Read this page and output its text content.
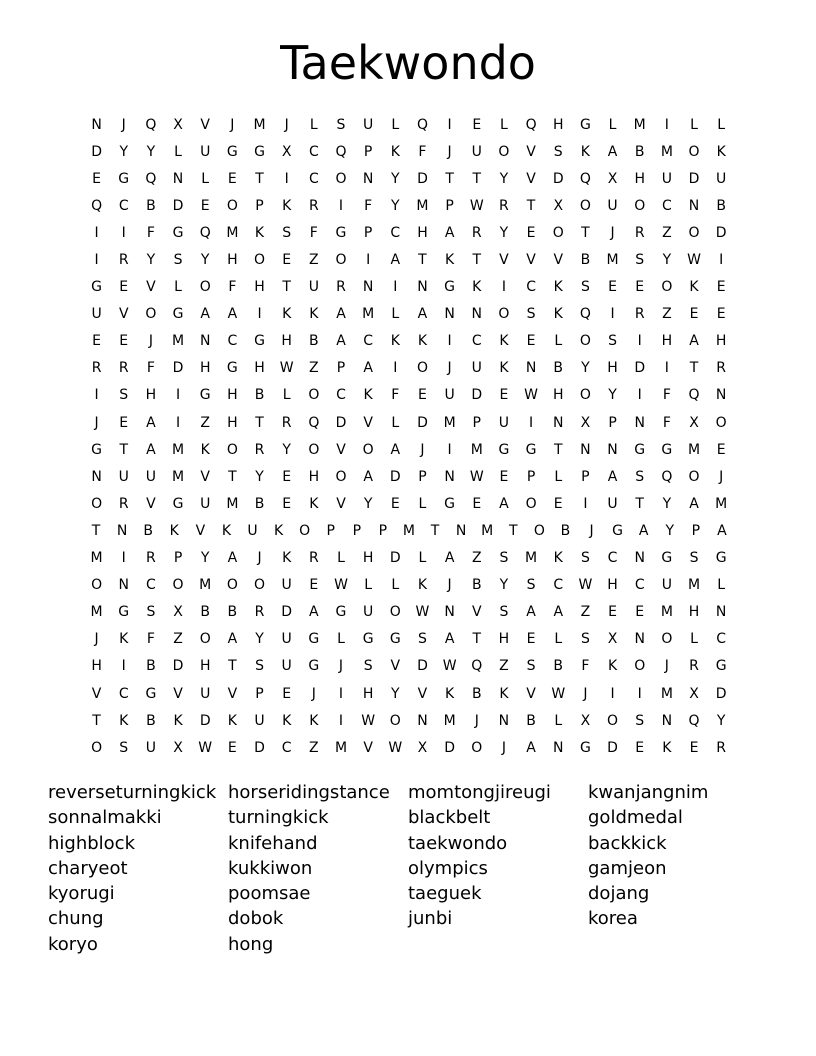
Taekwondo
N	J	Q	X	V	J	M	J	L	S	U	L	Q	I	E	L	Q	H	G	L	M	I	L	L
D	Y	Y	L	U	G	G	X	C	Q	P	K	F	J	U	O	V	S	K	A	B	M	O	K
E	G	Q	N	L	E	T	I	C	O	N	Y	D	T	T	Y	V	D	Q	X	H	U	D	U
Q	C	B	D	E	O	P	K	R	I	F	Y	M	P	W	R	T	X	O	U	O	C	N	B
I	I	F	G	Q	M	K	S	F	G	P	C	H	A	R	Y	E	O	T	J	R	Z	O	D
I	R	Y	S	Y	H	O	E	Z	O	I	A	T	K	T	V	V	V	B	M	S	Y	W	I
G	E	V	L	O	F	H	T	U	R	N	I	N	G	K	I	C	K	S	E	E	O	K	E
U	V	O	G	A	A	I	K	K	A	M	L	A	N	N	O	S	K	Q	I	R	Z	E	E
E	E	J	M	N	C	G	H	B	A	C	K	K	I	C	K	E	L	O	S	I	H	A	H
R	R	F	D	H	G	H	W	Z	P	A	I	O	J	U	K	N	B	Y	H	D	I	T	R
I	S	H	I	G	H	B	L	O	C	K	F	E	U	D	E	W	H	O	Y	I	F	Q	N
J	E	A	I	Z	H	T	R	Q	D	V	L	D	M	P	U	I	N	X	P	N	F	X	O
G	T	A	M	K	O	R	Y	O	V	O	A	J	I	M	G	G	T	N	N	G	G	M	E
N	U	U	M	V	T	Y	E	H	O	A	D	P	N	W	E	P	L	P	A	S	Q	O	J
O	R	V	G	U	M	B	E	K	V	Y	E	L	G	E	A	O	E	I	U	T	Y	A	M
T	N	B	K	V	K	U	K	O	P	P	P	M	T	N	M	T	O	B	J	G	A	Y	P	A
M	I	R	P	Y	A	J	K	R	L	H	D	L	A	Z	S	M	K	S	C	N	G	S	G
O	N	C	O	M	O	O	U	E	W	L	L	K	J	B	Y	S	C	W	H	C	U	M	L
M	G	S	X	B	B	R	D	A	G	U	O	W	N	V	S	A	A	Z	E	E	M	H	N
J	K	F	Z	O	A	Y	U	G	L	G	G	S	A	T	H	E	L	S	X	N	O	L	C
H	I	B	D	H	T	S	U	G	J	S	V	D	W	Q	Z	S	B	F	K	O	J	R	G
V	C	G	V	U	V	P	E	J	I	H	Y	V	K	B	K	V	W	J	I	I	M	X	D
T	K	B	K	D	K	U	K	K	I	W	O	N	M	J	N	B	L	X	O	S	N	Q	Y
O	S	U	X	W	E	D	C	Z	M	V	W	X	D	O	J	A	N	G	D	E	K	E	R
reverseturningkick
sonnalmakki
highblock
charyeot
kyorugi
chung
koryo
horseridingstance
turningkick
knifehand
kukkiwon
poomsae
dobok
hong
momtongjireugi
blackbelt
taekwondo
olympics
taeguek
junbi
kwanjangnim
goldmedal
backkick
gamjeon
dojang
korea
